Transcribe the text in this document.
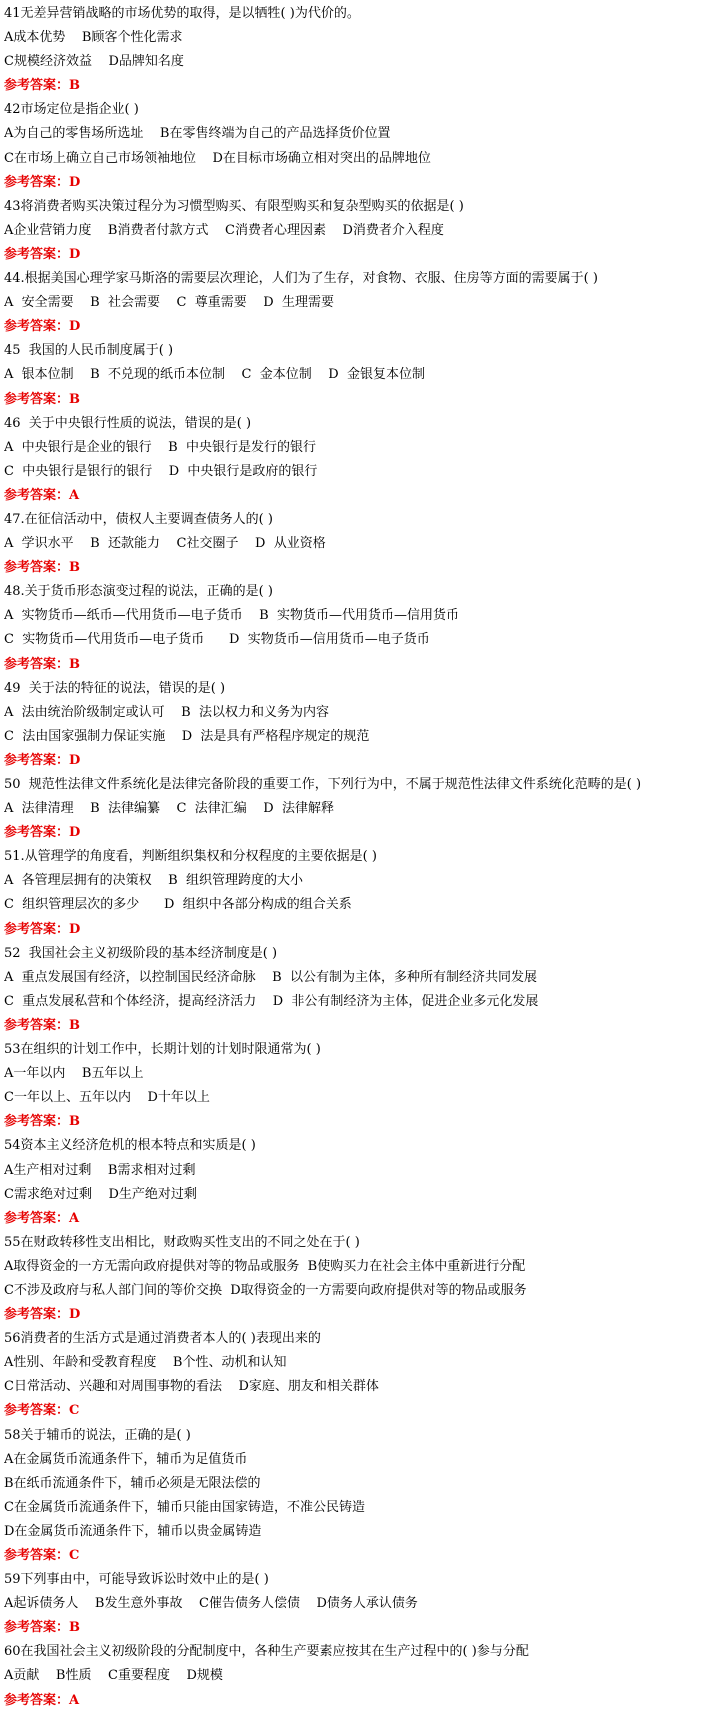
41无差异营销战略的市场优势的取得，是以牺牲( )为代价的。
A成本优势    B顾客个性化需求
C规模经济效益    D品牌知名度
参考答案：B
42市场定位是指企业( )
A为自己的零售场所选址    B在零售终端为自己的产品选择货价位置
C在市场上确立自己市场领袖地位    D在目标市场确立相对突出的品牌地位
参考答案：D
43将消费者购买决策过程分为习惯型购买、有限型购买和复杂型购买的依据是( )
A企业营销力度    B消费者付款方式    C消费者心理因素    D消费者介入程度
参考答案：D
44.根据美国心理学家马斯洛的需要层次理论，人们为了生存，对食物、衣服、住房等方面的需要属于( )
A  安全需要    B  社会需要    C  尊重需要    D  生理需要
参考答案：D
45  我国的人民币制度属于( )
A  银本位制    B  不兑现的纸币本位制    C  金本位制    D  金银复本位制
参考答案：B
46  关于中央银行性质的说法，错误的是( )
A  中央银行是企业的银行    B  中央银行是发行的银行
C  中央银行是银行的银行    D  中央银行是政府的银行
参考答案：A
47.在征信活动中，债权人主要调查债务人的( )
A  学识水平    B  还款能力    C社交圈子    D  从业资格
参考答案：B
48.关于货币形态演变过程的说法，正确的是( )
A  实物货币—纸币—代用货币—电子货币    B  实物货币—代用货币—信用货币
C  实物货币—代用货币—电子货币      D  实物货币—信用货币—电子货币
参考答案：B
49  关于法的特征的说法，错误的是( )
A  法由统治阶级制定或认可    B  法以权力和义务为内容
C  法由国家强制力保证实施    D  法是具有严格程序规定的规范
参考答案：D
50  规范性法律文件系统化是法律完备阶段的重要工作，下列行为中，不属于规范性法律文件系统化范畴的是( )
A  法律清理    B  法律编纂    C  法律汇编    D  法律解释
参考答案：D
51.从管理学的角度看，判断组织集权和分权程度的主要依据是( )
A  各管理层拥有的决策权    B  组织管理跨度的大小
C  组织管理层次的多少      D  组织中各部分构成的组合关系
参考答案：D
52  我国社会主义初级阶段的基本经济制度是( )
A  重点发展国有经济，以控制国民经济命脉    B  以公有制为主体，多种所有制经济共同发展
C  重点发展私营和个体经济，提高经济活力    D  非公有制经济为主体，促进企业多元化发展
参考答案：B
53在组织的计划工作中，长期计划的计划时限通常为( )
A一年以内    B五年以上
C一年以上、五年以内    D十年以上
参考答案：B
54资本主义经济危机的根本特点和实质是( )
A生产相对过剩    B需求相对过剩
C需求绝对过剩    D生产绝对过剩
参考答案：A
55在财政转移性支出相比，财政购买性支出的不同之处在于( )
A取得资金的一方无需向政府提供对等的物品或服务  B使购买力在社会主体中重新进行分配
C不涉及政府与私人部门间的等价交换  D取得资金的一方需要向政府提供对等的物品或服务
参考答案：D
56消费者的生活方式是通过消费者本人的( )表现出来的
A性别、年龄和受教育程度    B个性、动机和认知
C日常活动、兴趣和对周围事物的看法    D家庭、朋友和相关群体
参考答案：C
58关于辅币的说法，正确的是( )
A在金属货币流通条件下，辅币为足值货币
B在纸币流通条件下，辅币必须是无限法偿的
C在金属货币流通条件下，辅币只能由国家铸造，不准公民铸造
D在金属货币流通条件下，辅币以贵金属铸造
参考答案：C
59下列事由中，可能导致诉讼时效中止的是( )
A起诉债务人    B发生意外事故    C催告债务人偿债    D债务人承认债务
参考答案：B
60在我国社会主义初级阶段的分配制度中，各种生产要素应按其在生产过程中的( )参与分配
A贡献    B性质    C重要程度    D规模
参考答案：A
